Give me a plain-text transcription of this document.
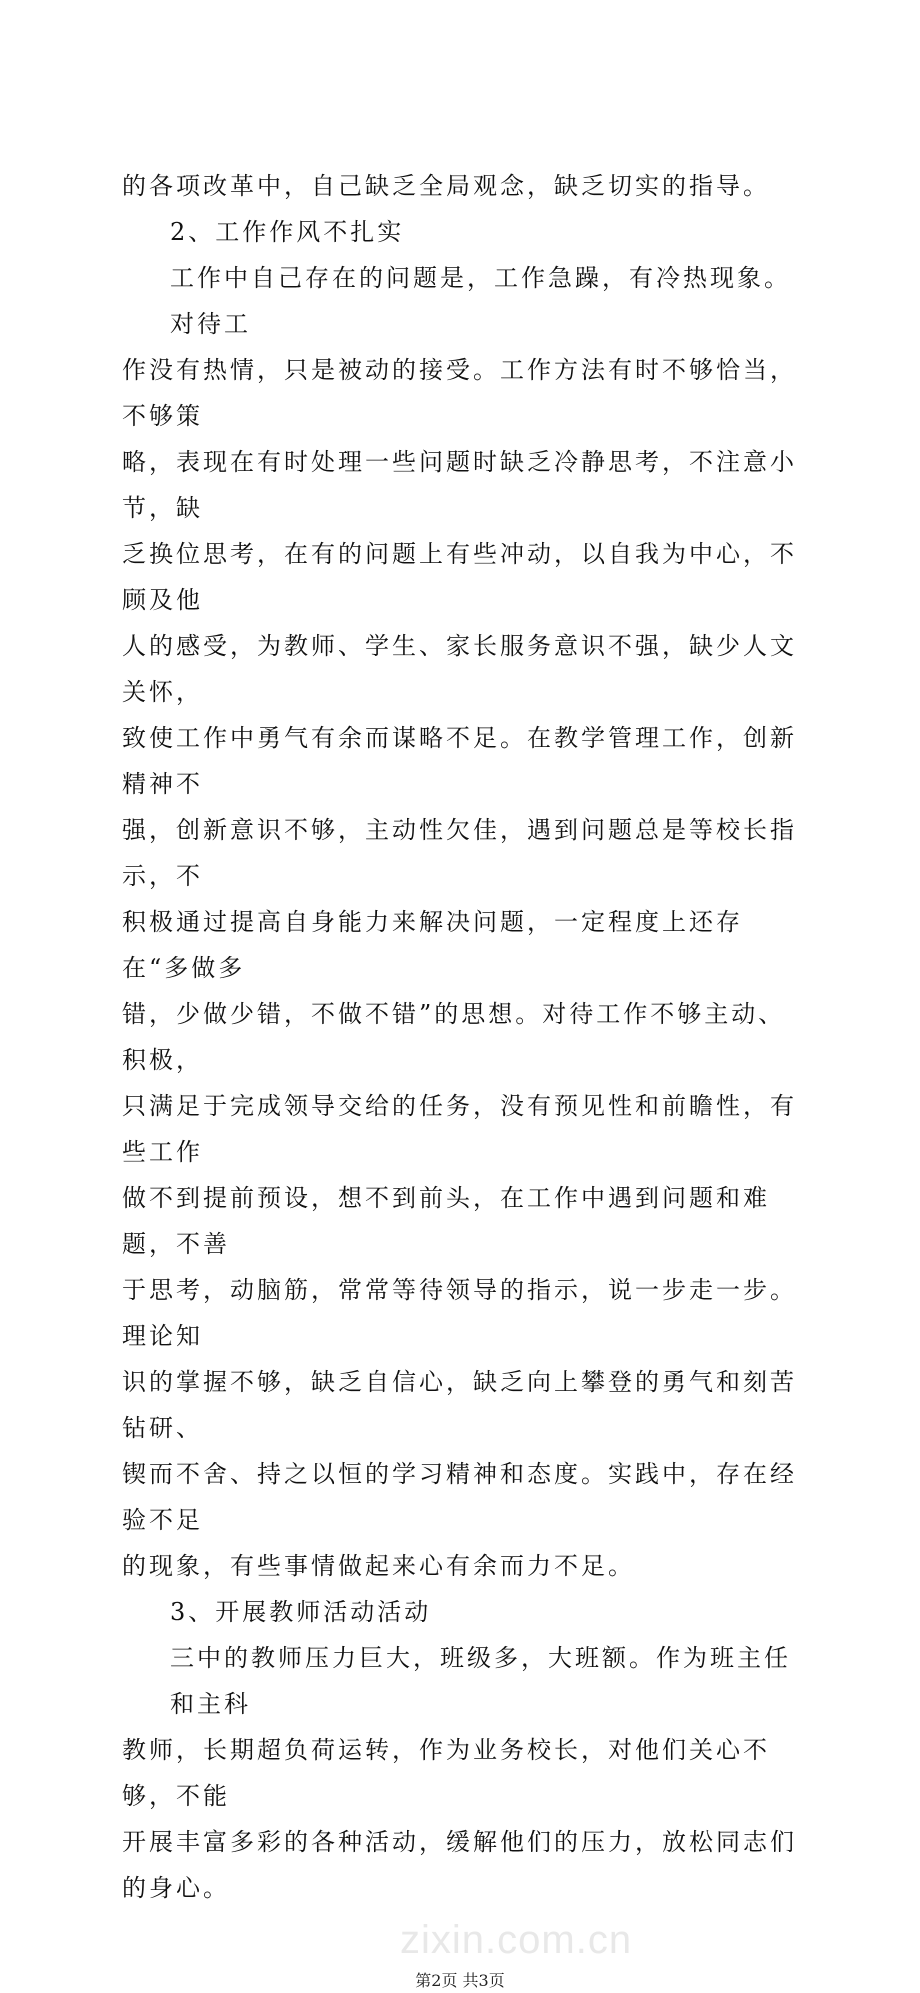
的各项改革中，自己缺乏全局观念，缺乏切实的指导。
2、工作作风不扎实
工作中自己存在的问题是，工作急躁，有冷热现象。对待工
作没有热情，只是被动的接受。工作方法有时不够恰当，不够策
略，表现在有时处理一些问题时缺乏冷静思考，不注意小节，缺
乏换位思考，在有的问题上有些冲动，以自我为中心，不顾及他
人的感受，为教师、学生、家长服务意识不强，缺少人文关怀，
致使工作中勇气有余而谋略不足。在教学管理工作，创新精神不
强，创新意识不够，主动性欠佳，遇到问题总是等校长指示，不
积极通过提高自身能力来解决问题，一定程度上还存在“多做多
错，少做少错，不做不错”的思想。对待工作不够主动、积极，
只满足于完成领导交给的任务，没有预见性和前瞻性，有些工作
做不到提前预设，想不到前头，在工作中遇到问题和难题，不善
于思考，动脑筋，常常等待领导的指示，说一步走一步。理论知
识的掌握不够，缺乏自信心，缺乏向上攀登的勇气和刻苦钻研、
锲而不舍、持之以恒的学习精神和态度。实践中，存在经验不足
的现象，有些事情做起来心有余而力不足。
3、开展教师活动活动
三中的教师压力巨大，班级多，大班额。作为班主任和主科
教师，长期超负荷运转，作为业务校长，对他们关心不够，不能
开展丰富多彩的各种活动，缓解他们的压力，放松同志们的身心。
zixin.com.cn
第2页 共3页
